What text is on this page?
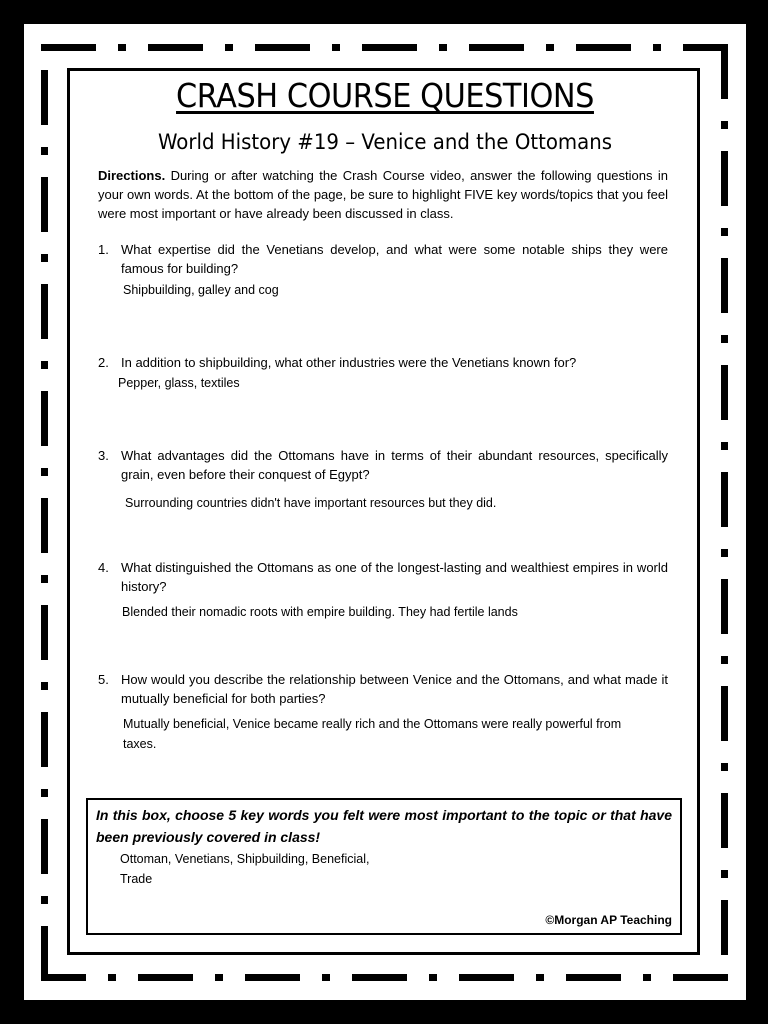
CRASH COURSE QUESTIONS
World History #19 – Venice and the Ottomans

Directions. During or after watching the Crash Course video, answer the following questions in your own words. At the bottom of the page, be sure to highlight FIVE key words/topics that you feel were most important or have already been discussed in class.

1. What expertise did the Venetians develop, and what were some notable ships they were famous for building?

Shipbuilding, galley and cog

2. In addition to shipbuilding, what other industries were the Venetians known for?

Pepper, glass, textiles

3. What advantages did the Ottomans have in terms of their abundant resources, specifically grain, even before their conquest of Egypt?

Surrounding countries didn't have important resources but they did.

4. What distinguished the Ottomans as one of the longest-lasting and wealthiest empires in world history?

Blended their nomadic roots with empire building. They had fertile lands

5. How would you describe the relationship between Venice and the Ottomans, and what made it mutually beneficial for both parties?

Mutually beneficial, Venice became really rich and the Ottomans were really powerful from

taxes.

In this box, choose 5 key words you felt were most important to the topic or that have been previously covered in class!

Ottoman, Venetians, Shipbuilding, Beneficial,

Trade

©Morgan AP Teaching
